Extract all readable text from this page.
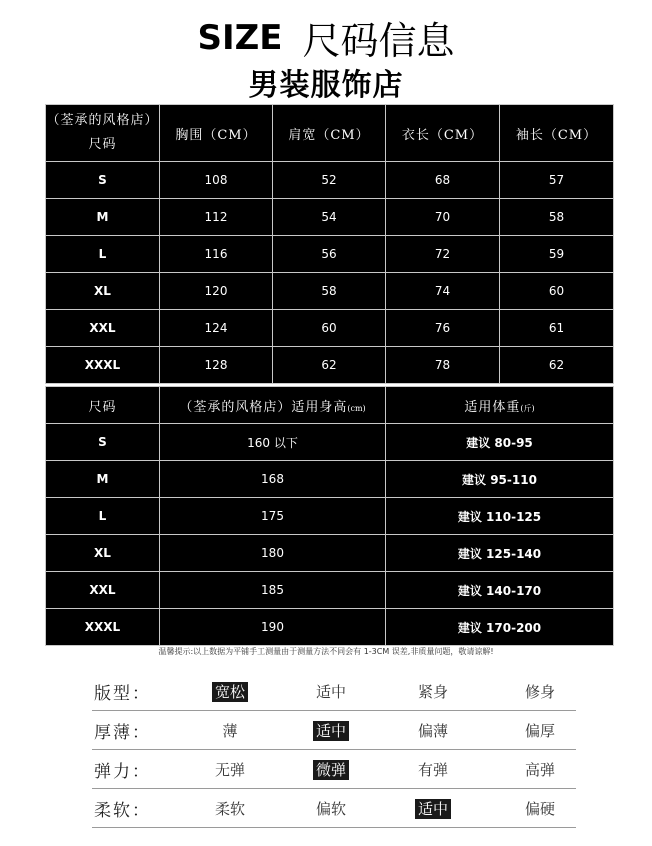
SIZE 尺码信息
男装服饰店
（荃承的风格店）尺码	胸围（CM）	肩宽（CM）	衣长（CM）	袖长（CM）
S	108	52	68	57
M	112	54	70	58
L	116	56	72	59
XL	120	58	74	60
XXL	124	60	76	61
XXXL	128	62	78	62
尺码	（荃承的风格店）适用身高(cm)	适用体重(斤)
S	160 以下	建议 80-95
M	168	建议 95-110
L	175	建议 110-125
XL	180	建议 125-140
XXL	185	建议 140-170
XXXL	190	建议 170-200
温馨提示:以上数据为平铺手工测量由于测量方法不同会有 1-3CM 误差,非质量问题，敬请谅解!
版型：	宽松	适中	紧身	修身
厚薄：	薄	适中	偏薄	偏厚
弹力：	无弹	微弹	有弹	高弹
柔软：	柔软	偏软	适中	偏硬
